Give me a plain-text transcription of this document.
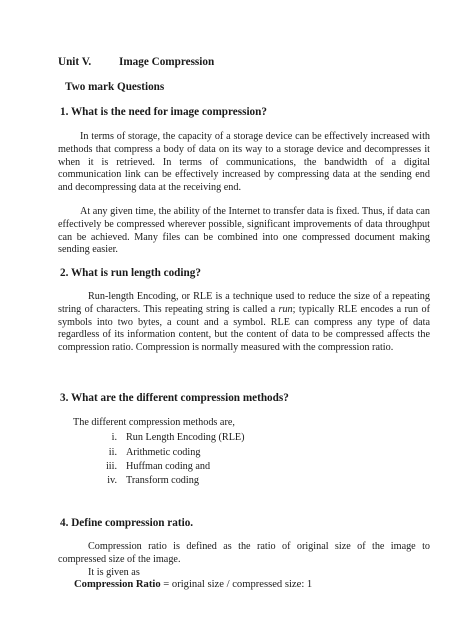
Unit V. Image Compression
Two mark Questions
1. What is the need for image compression?
In terms of storage, the capacity of a storage device can be effectively increased with methods that compress a body of data on its way to a storage device and decompresses it when it is retrieved. In terms of communications, the bandwidth of a digital communication link can be effectively increased by compressing data at the sending end and decompressing data at the receiving end.
At any given time, the ability of the Internet to transfer data is fixed. Thus, if data can effectively be compressed wherever possible, significant improvements of data throughput can be achieved. Many files can be combined into one compressed document making sending easier.
2. What is run length coding?
Run-length Encoding, or RLE is a technique used to reduce the size of a repeating string of characters. This repeating string is called a run; typically RLE encodes a run of symbols into two bytes, a count and a symbol. RLE can compress any type of data regardless of its information content, but the content of data to be compressed affects the compression ratio. Compression is normally measured with the compression ratio.
3. What are the different compression methods?
The different compression methods are,
i. Run Length Encoding (RLE)
ii. Arithmetic coding
iii. Huffman coding and
iv. Transform coding
4. Define compression ratio.
Compression ratio is defined as the ratio of original size of the image to compressed size of the image.
It is given as
Compression Ratio = original size / compressed size: 1
